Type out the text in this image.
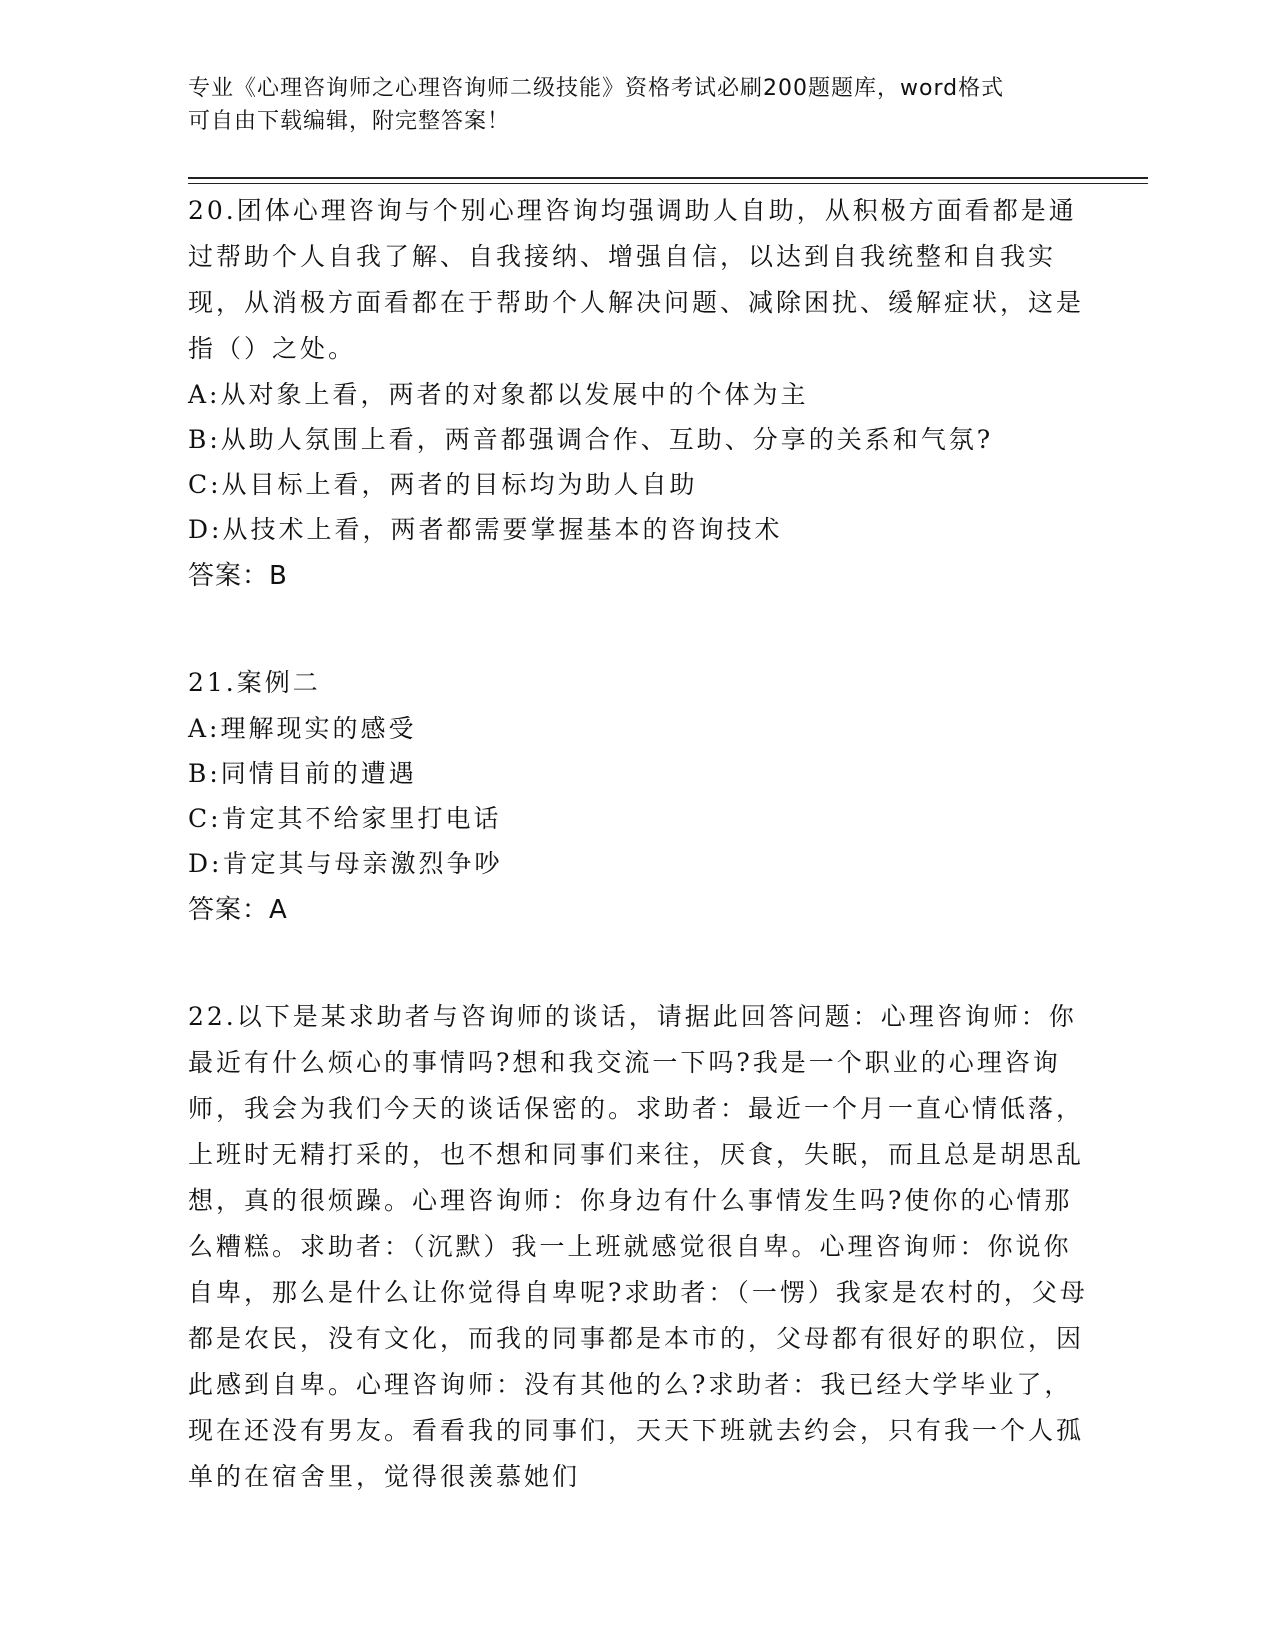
专业《心理咨询师之心理咨询师二级技能》资格考试必刷200题题库，word格式
可自由下载编辑，附完整答案！

20.团体心理咨询与个别心理咨询均强调助人自助，从积极方面看都是通过帮助个人自我了解、自我接纳、增强自信，以达到自我统整和自我实现，从消极方面看都在于帮助个人解决问题、减除困扰、缓解症状，这是指（）之处。

A:从对象上看，两者的对象都以发展中的个体为主

B:从助人氛围上看，两音都强调合作、互助、分享的关系和气氛?

C:从目标上看，两者的目标均为助人自助

D:从技术上看，两者都需要掌握基本的咨询技术

答案：B

21.案例二

A:理解现实的感受

B:同情目前的遭遇

C:肯定其不给家里打电话

D:肯定其与母亲激烈争吵

答案：A

22.以下是某求助者与咨询师的谈话，请据此回答问题：心理咨询师：你最近有什么烦心的事情吗?想和我交流一下吗?我是一个职业的心理咨询师，我会为我们今天的谈话保密的。求助者：最近一个月一直心情低落，上班时无精打采的，也不想和同事们来往，厌食，失眠，而且总是胡思乱想，真的很烦躁。心理咨询师：你身边有什么事情发生吗?使你的心情那么糟糕。求助者：（沉默）我一上班就感觉很自卑。心理咨询师：你说你自卑，那么是什么让你觉得自卑呢?求助者：（一愣）我家是农村的，父母都是农民，没有文化，而我的同事都是本市的，父母都有很好的职位，因此感到自卑。心理咨询师：没有其他的么?求助者：我已经大学毕业了，现在还没有男友。看看我的同事们，天天下班就去约会，只有我一个人孤单的在宿舍里，觉得很羡慕她们
